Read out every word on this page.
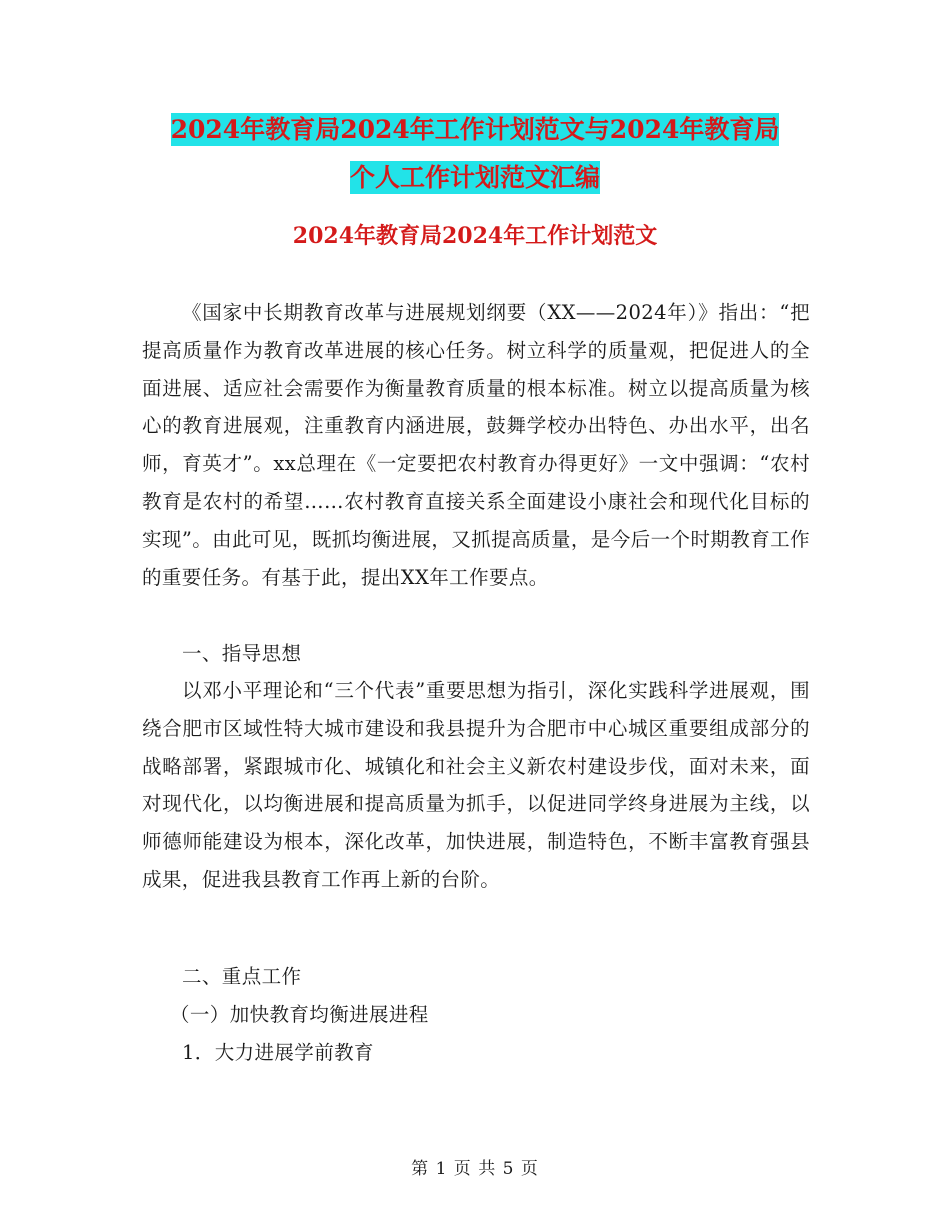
2024年教育局2024年工作计划范文与2024年教育局
个人工作计划范文汇编
2024年教育局2024年工作计划范文

《国家中长期教育改革与进展规划纲要（XX——2024年）》指出：“把提高质量作为教育改革进展的核心任务。树立科学的质量观，把促进人的全面进展、适应社会需要作为衡量教育质量的根本标准。树立以提高质量为核心的教育进展观，注重教育内涵进展，鼓舞学校办出特色、办出水平，出名师，育英才”。xx总理在《一定要把农村教育办得更好》一文中强调：“农村教育是农村的希望……农村教育直接关系全面建设小康社会和现代化目标的实现”。由此可见，既抓均衡进展，又抓提高质量，是今后一个时期教育工作的重要任务。有基于此，提出XX年工作要点。

一、指导思想

以邓小平理论和“三个代表”重要思想为指引，深化实践科学进展观，围绕合肥市区域性特大城市建设和我县提升为合肥市中心城区重要组成部分的战略部署，紧跟城市化、城镇化和社会主义新农村建设步伐，面对未来，面对现代化，以均衡进展和提高质量为抓手，以促进同学终身进展为主线，以师德师能建设为根本，深化改革，加快进展，制造特色，不断丰富教育强县成果，促进我县教育工作再上新的台阶。

二、重点工作
（一）加快教育均衡进展进程
1．大力进展学前教育
第 1 页 共 5 页
